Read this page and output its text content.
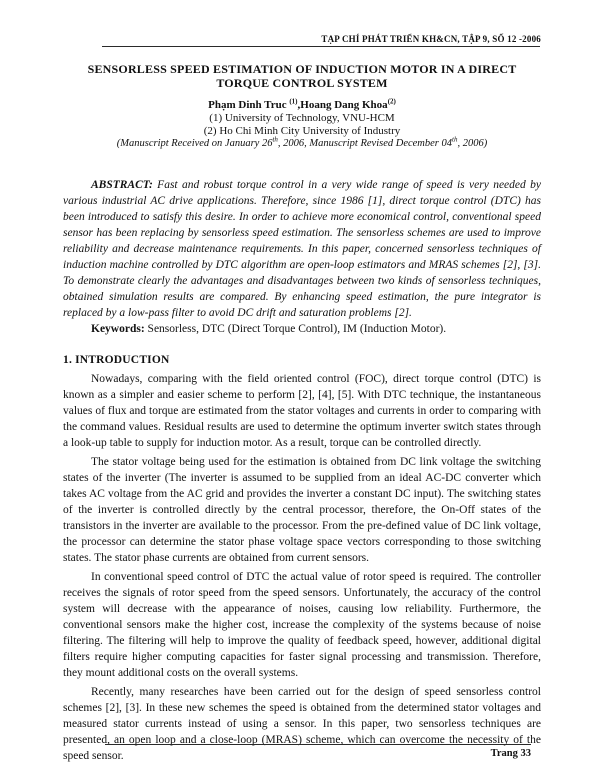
TẠP CHÍ PHÁT TRIỂN KH&CN, TẬP 9, SỐ 12 -2006
SENSORLESS SPEED ESTIMATION OF INDUCTION MOTOR IN A DIRECT TORQUE CONTROL SYSTEM
Phạm Dinh Truc $^{(1)}$,Hoang Dang Khoa$^{(2)}$
(1) University of Technology, VNU-HCM
(2) Ho Chi Minh City University of Industry
(Manuscript Received on January 26th, 2006, Manuscript Revised December 04th, 2006)

ABSTRACT: Fast and robust torque control in a very wide range of speed is very needed by various industrial AC drive applications. Therefore, since 1986 [1], direct torque control (DTC) has been introduced to satisfy this desire. In order to achieve more economical control, conventional speed sensor has been replacing by sensorless speed estimation. The sensorless schemes are used to improve reliability and decrease maintenance requirements. In this paper, concerned sensorless techniques of induction machine controlled by DTC algorithm are open-loop estimators and MRAS schemes [2], [3]. To demonstrate clearly the advantages and disadvantages between two kinds of sensorless techniques, obtained simulation results are compared. By enhancing speed estimation, the pure integrator is replaced by a low-pass filter to avoid DC drift and saturation problems [2].

Keywords: Sensorless, DTC (Direct Torque Control), IM (Induction Motor).

1. INTRODUCTION

Nowadays, comparing with the field oriented control (FOC), direct torque control (DTC) is known as a simpler and easier scheme to perform [2], [4], [5]. With DTC technique, the instantaneous values of flux and torque are estimated from the stator voltages and currents in order to comparing with the command values. Residual results are used to determine the optimum inverter switch states through a look-up table to supply for induction motor. As a result, torque can be controlled directly.

The stator voltage being used for the estimation is obtained from DC link voltage the switching states of the inverter (The inverter is assumed to be supplied from an ideal AC-DC converter which takes AC voltage from the AC grid and provides the inverter a constant DC input). The switching states of the inverter is controlled directly by the central processor, therefore, the On-Off states of the transistors in the inverter are available to the processor. From the pre-defined value of DC link voltage, the processor can determine the stator phase voltage space vectors corresponding to those switching states. The stator phase currents are obtained from current sensors.

In conventional speed control of DTC the actual value of rotor speed is required. The controller receives the signals of rotor speed from the speed sensors. Unfortunately, the accuracy of the control system will decrease with the appearance of noises, causing low reliability. Furthermore, the conventional sensors make the higher cost, increase the complexity of the systems because of noise filtering. The filtering will help to improve the quality of feedback speed, however, additional digital filters require higher computing capacities for faster signal processing and transmission. Therefore, they mount additional costs on the overall systems.

Recently, many researches have been carried out for the design of speed sensorless control schemes [2], [3]. In these new schemes the speed is obtained from the determined stator voltages and measured stator currents instead of using a sensor. In this paper, two sensorless techniques are presented, an open loop and a close-loop (MRAS) scheme, which can overcome the necessity of the speed sensor.	Trang 33
